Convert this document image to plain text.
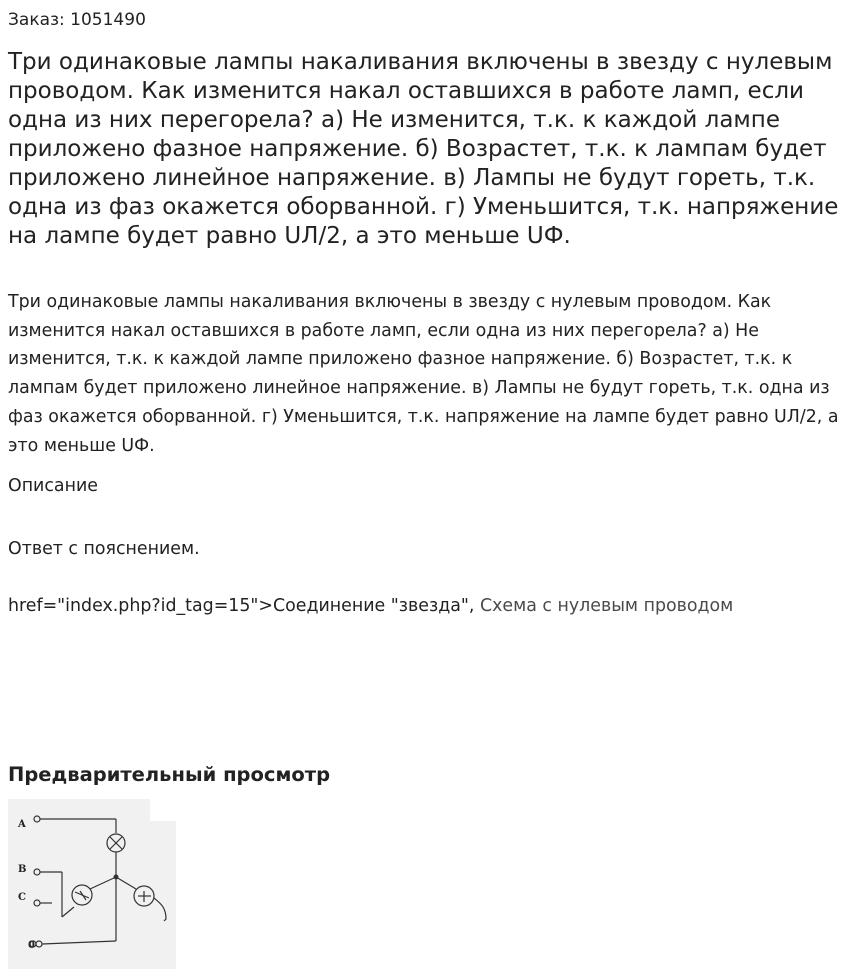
Заказ: 1051490
Три одинаковые лампы накаливания включены в звезду с нулевым проводом. Как изменится накал оставшихся в работе ламп, если одна из них перегорела? а) Не изменится, т.к. к каждой лампе приложено фазное напряжение. б) Возрастет, т.к. к лампам будет приложено линейное напряжение. в) Лампы не будут гореть, т.к. одна из фаз окажется оборванной. г) Уменьшится, т.к. напряжение на лампе будет равно UЛ/2, а это меньше UФ.
Три одинаковые лампы накаливания включены в звезду с нулевым проводом. Как изменится накал оставшихся в работе ламп, если одна из них перегорела? а) Не изменится, т.к. к каждой лампе приложено фазное напряжение. б) Возрастет, т.к. к лампам будет приложено линейное напряжение. в) Лампы не будут гореть, т.к. одна из фаз окажется оборванной. г) Уменьшится, т.к. напряжение на лампе будет равно UЛ/2, а это меньше UФ.
Описание
Ответ с пояснением.
href="index.php?id_tag=15">Соединение "звезда", Схема с нулевым проводом
Предварительный просмотр
A
B
C
0
